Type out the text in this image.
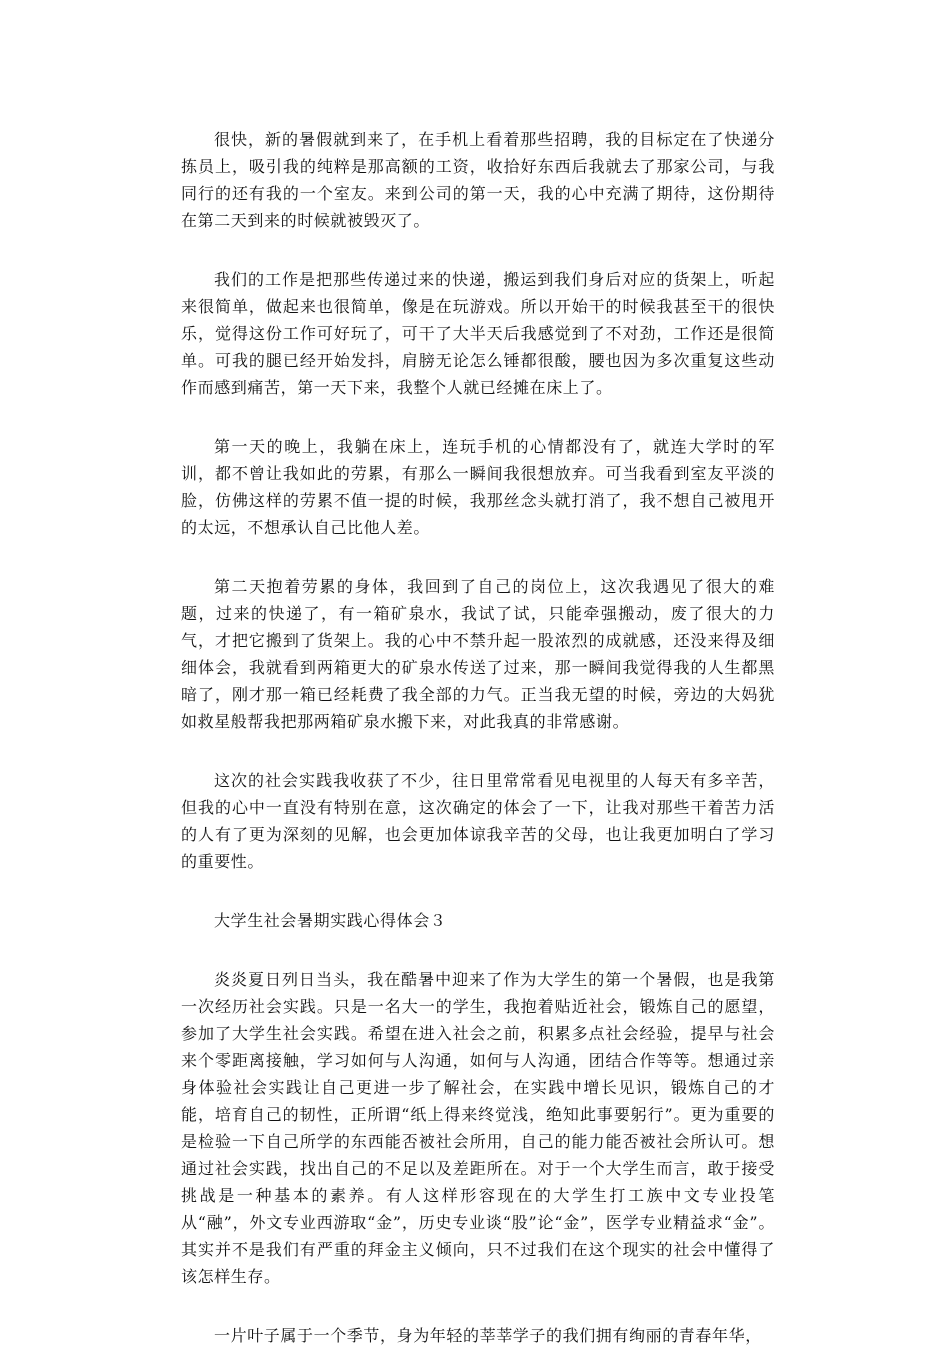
很快，新的暑假就到来了，在手机上看着那些招聘，我的目标定在了快递分拣员上，吸引我的纯粹是那高额的工资，收拾好东西后我就去了那家公司，与我同行的还有我的一个室友。来到公司的第一天，我的心中充满了期待，这份期待在第二天到来的时候就被毁灭了。

我们的工作是把那些传递过来的快递，搬运到我们身后对应的货架上，听起来很简单，做起来也很简单，像是在玩游戏。所以开始干的时候我甚至干的很快乐，觉得这份工作可好玩了，可干了大半天后我感觉到了不对劲，工作还是很简单。可我的腿已经开始发抖，肩膀无论怎么锤都很酸，腰也因为多次重复这些动作而感到痛苦，第一天下来，我整个人就已经摊在床上了。

第一天的晚上，我躺在床上，连玩手机的心情都没有了，就连大学时的军训，都不曾让我如此的劳累，有那么一瞬间我很想放弃。可当我看到室友平淡的脸，仿佛这样的劳累不值一提的时候，我那丝念头就打消了，我不想自己被甩开的太远，不想承认自己比他人差。

第二天抱着劳累的身体，我回到了自己的岗位上，这次我遇见了很大的难题，过来的快递了，有一箱矿泉水，我试了试，只能牵强搬动，废了很大的力气，才把它搬到了货架上。我的心中不禁升起一股浓烈的成就感，还没来得及细细体会，我就看到两箱更大的矿泉水传送了过来，那一瞬间我觉得我的人生都黑暗了，刚才那一箱已经耗费了我全部的力气。正当我无望的时候，旁边的大妈犹如救星般帮我把那两箱矿泉水搬下来，对此我真的非常感谢。

这次的社会实践我收获了不少，往日里常常看见电视里的人每天有多辛苦，但我的心中一直没有特别在意，这次确定的体会了一下，让我对那些干着苦力活的人有了更为深刻的见解，也会更加体谅我辛苦的父母，也让我更加明白了学习的重要性。

大学生社会暑期实践心得体会３

炎炎夏日列日当头，我在酷暑中迎来了作为大学生的第一个暑假，也是我第一次经历社会实践。只是一名大一的学生，我抱着贴近社会，锻炼自己的愿望，参加了大学生社会实践。希望在进入社会之前，积累多点社会经验，提早与社会来个零距离接触，学习如何与人沟通，如何与人沟通，团结合作等等。想通过亲身体验社会实践让自己更进一步了解社会，在实践中增长见识，锻炼自己的才能，培育自己的韧性，正所谓“纸上得来终觉浅，绝知此事要躬行”。更为重要的是检验一下自己所学的东西能否被社会所用，自己的能力能否被社会所认可。想通过社会实践，找出自己的不足以及差距所在。对于一个大学生而言，敢于接受挑战是一种基本的素养。有人这样形容现在的大学生打工族中文专业投笔从“融”，外文专业西游取“金”，历史专业谈“股”论“金”，医学专业精益求“金”。其实并不是我们有严重的拜金主义倾向，只不过我们在这个现实的社会中懂得了该怎样生存。

一片叶子属于一个季节，身为年轻的莘莘学子的我们拥有绚丽的青春年华，
